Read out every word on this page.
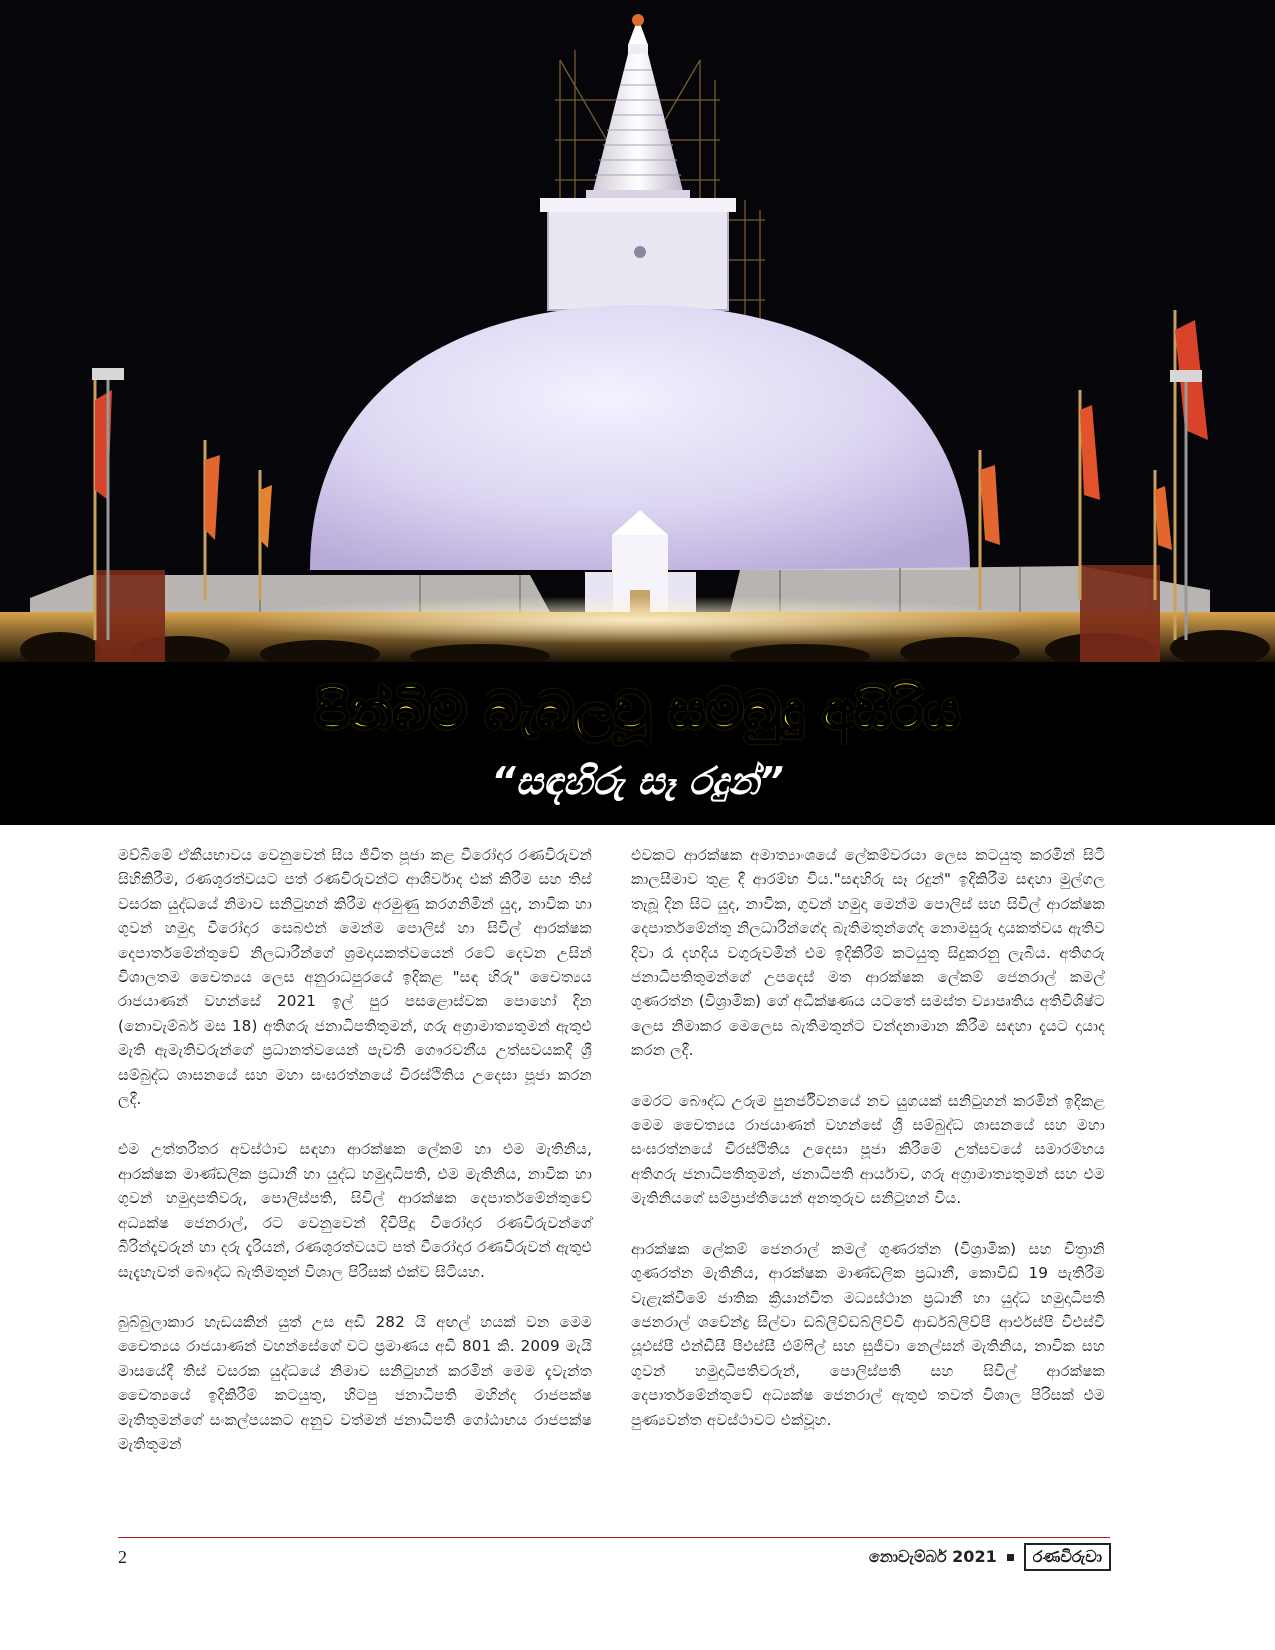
පින්බිම බැබලවූ සම්බුදු අසිරිය
“සඳහිරු සෑ රදුන්”

මව්බිමේ ඒකීයභාවය වෙනුවෙන් සිය ජීවිත පූජා කළ වීරෝදාර රණවිරුවන් සිහිකිරීම, රණශූරත්වයට පත් රණවිරුවන්ට ආශිර්වාද එක් කිරීම සහ තිස් වසරක යුද්ධයේ නිමාව සනිටුහන් කිරීම අරමුණු කරගනිමින් යුද, නාවික හා ගුවන් හමුදා වීරෝදාර සෙබළුන් මෙන්ම පොලිස් හා සිවිල් ආරක්ෂක දෙපාර්තමේන්තුවේ නිලධාරීන්ගේ ශ්‍රමදායකත්වයෙන් රටේ දෙවන උසින් විශාලතම චෛත්‍යය ලෙස අනුරාධපුරයේ ඉදිකළ "සඳ හිරු" චෛත්‍යය රාජයාණන් වහන්සේ 2021 ඉල් පුර පසළොස්වක පොහෝ දින (නොවැම්බර් මස 18) අතිගරු ජනාධිපතිතුමන්, ගරු අග්‍රාමාත්‍යතුමන් ඇතුළු මැති ඇමැතිවරුන්ගේ ප්‍රධානත්වයෙන් පැවති ගෞරවනීය උත්සවයකදී ශ්‍රී සම්බුද්ධ ශාසනයේ සහ මහා සංඝරත්නයේ චිරස්ථිතිය උදෙසා පූජා කරන ලදී.

එම උත්තරීතර අවස්ථාව සඳහා ආරක්ෂක ලේකම් හා එම මැතිනිය, ආරක්ෂක මාණ්ඩලික ප්‍රධානී හා යුද්ධ හමුදාධිපති, එම මැතිනිය, නාවික හා ගුවන් හමුදාපතිවරු, පොලිස්පති, සිවිල් ආරක්ෂක දෙපාර්තමේන්තුවේ අධ්‍යක්ෂ ජෙනරාල්, රට වෙනුවෙන් දිවිපිදූ වීරෝදාර රණවිරුවන්ගේ බිරින්දෑවරුන් හා දරු දැරියන්, රණශූරත්වයට පත් වීරෝදාර රණවිරුවන් ඇතුළු සැදැහැවත් බෞද්ධ බැතිමතුන් විශාල පිරිසක් එක්ව සිටියහ.

බුබ්බුලාකාර හැඩයකින් යුත් උස අඩි 282 යි අඟල් හයක් වන මෙම චෛත්‍යය රාජයාණන් වහන්සේගේ වට ප්‍රමාණය අඩි 801 කි. 2009 මැයි මාසයේදී තිස් වසරක යුද්ධයේ නිමාව සනිටුහන් කරමින් මෙම දැවැන්ත චෛත්‍යයේ ඉදිකිරීම් කටයුතු, හිටපු ජනාධිපති මහින්ද රාජපක්ෂ මැතිතුමන්ගේ සංකල්පයකට අනුව වත්මන් ජනාධිපති ගෝඨාභය රාජපක්ෂ මැතිතුමන්

එවකට ආරක්ෂක අමාත්‍යාංශයේ ලේකම්වරයා ලෙස කටයුතු කරමින් සිටි කාලසීමාව තුළ දී ආරම්භ විය."සඳහිරු සෑ රදුන්" ඉදිකිරීම සඳහා මුල්ගල තැබූ දින සිට යුද, නාවික, ගුවන් හමුදා මෙන්ම පොලිස් සහ සිවිල් ආරක්ෂක දෙපාර්තමේන්තු නිලධාරීන්ගේද බැතිමතුන්ගේද නොමසුරු දායකත්වය ඇතිව දිවා රෑ දහදිය වගුරුවමින් එම ඉදිකිරීම් කටයුතු සිදුකරනු ලැබීය. අතිගරු ජනාධිපතිතුමන්ගේ උපදෙස් මත ආරක්ෂක ලේකම් ජෙනරාල් කමල් ගුණරත්න (විශ්‍රාමික) ගේ අධීක්ෂණය යටතේ සමස්ත ව්‍යාපෘතිය අතිවිශිෂ්ට ලෙස නිමාකර මෙලෙස බැතිමතුන්ට වන්දනාමාන කිරීම සඳහා දැයට දායාද කරන ලදී.

මෙරට බෞද්ධ උරුම පුනර්ජීවනයේ නව යුගයක් සනිටුහන් කරමින් ඉදිකළ මෙම චෛත්‍යය රාජයාණන් වහන්සේ ශ්‍රී සම්බුද්ධ ශාසනයේ සහ මහා සංඝරත්නයේ චිරස්ථිතිය උදෙසා පූජා කිරීමේ උත්සවයේ සමාරම්භය අතිගරු ජනාධිපතිතුමන්, ජනාධිපති ආර්යාව, ගරු අග්‍රාමාත්‍යතුමන් සහ එම මැතිනියගේ සම්ප්‍රාප්තියෙන් අනතුරුව සනිටුහන් විය.

ආරක්ෂක ලේකම් ජෙනරාල් කමල් ගුණරත්න (විශ්‍රාමික) සහ චිත්‍රානි ගුණරත්න මැතිනිය, ආරක්ෂක මාණ්ඩලික ප්‍රධානී, කොවිඩ් 19 පැතිරීම වැළැක්වීමේ ජාතික ක්‍රියාන්විත මධ්‍යස්ථාන ප්‍රධානී හා යුද්ධ හමුදාධිපති ජෙනරාල් ශවේන්ද්‍ර සිල්වා ඩබ්ලිව්ඩබ්ලිව්වී ආර්ඩබ්ලිව්පී ආර්එස්පී වීඑස්වී යූඑස්පී එන්ඩීසී පීඑස්සී එම්ෆිල් සහ සුජීවා නෙල්සන් මැතිනිය, නාවික සහ ගුවන් හමුදාධිපතිවරුන්, පොලිස්පති සහ සිවිල් ආරක්ෂක දෙපාර්තමේන්තුවේ අධ්‍යක්ෂ ජෙනරාල් ඇතුළු තවත් විශාල පිරිසක් එම පුණ්‍යවන්ත අවස්ථාවට එක්වූහ.

2	නොවැම්බර් 2021	රණවිරුවා
